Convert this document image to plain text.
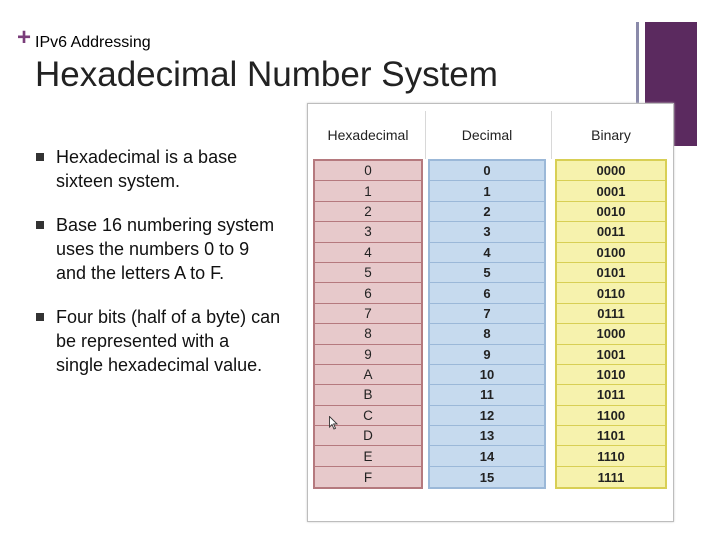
+ IPv6 Addressing
Hexadecimal Number System
Hexadecimal is a base sixteen system.
Base 16 numbering system uses the numbers 0 to 9 and the letters A to F.
Four bits (half of a byte) can be represented with a single hexadecimal value.
Hexadecimal
0
1
2
3
4
5
6
7
8
9
A
B
C
D
E
F
Decimal
0
1
2
3
4
5
6
7
8
9
10
11
12
13
14
15
Binary
0000
0001
0010
0011
0100
0101
0110
0111
1000
1001
1010
1011
1100
1101
1110
1111
